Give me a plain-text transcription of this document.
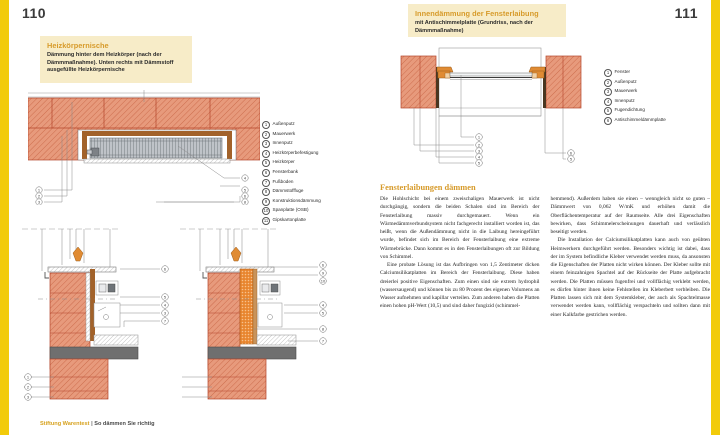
110	111
Heizkörpernische
Dämmung hinter dem Heizkörper (nach der Dämmmaßnahme). Unten rechts mit Dämmstoff ausgefüllte Heizkörpernische
1
2
3
4
5
6
8
1	Außenputz
2	Mauerwerk
3	Innenputz
4	Heizkörperbefestigung
5	Heizkörper
6	Fensterbank
7	Fußboden
8	Dämmstofffuge
9	Konstruktionsdämmung
10 Spanplatte (OSB)
11 Gipskartonplatte
6
5
4
3
7
1
2
3
6
9
10
4
5
8
7
Innendämmung der Fensterlaibung
mit Antischimmelplatte (Grundriss, nach der Dämmmaßnahme)
1
2
3
4
5
6
5
1	Fenster
2	Außenputz
3	Mauerwerk
4	Innenputz
5	Fugendichtung
6	Antischimmeldämmplatte
Fensterlaibungen dämmen

Die Hohlschicht bei einem zweischaligen Mauerwerk ist nicht durchgängig, sondern die beiden Schalen sind im Bereich der Fensterlaibung massiv durchgemauert. Wenn ein Wärmedämmverbundsystem nicht fachgerecht installiert worden ist, das heißt, wenn die Außendämmung nicht in die Laibung hereingeführt wurde, befindet sich im Bereich der Fensterlaibung eine extreme Wärmebrücke. Dann kommt es in den Fensterlaibungen oft zur Bildung von Schimmel.

Eine probate Lösung ist das Aufbringen von 1,5 Zentimeter dicken Calciumsilikatplatten im Bereich der Fensterlaibung. Diese haben dreierlei positive Eigenschaften. Zum einen sind sie extrem hydrophil (wassersaugend) und können bis zu 80 Prozent des eigenen Volumens an Wasser aufnehmen und kapillar verteilen. Zum anderen haben die Platten einen hohen pH-Wert (10,5) und sind daher fungizid (schimmel-

hemmend). Außerdem haben sie einen – wenngleich nicht so guten – Dämmwert von 0,062 W/mK und erhöhen damit die Oberflächentemperatur auf der Raumseite. Alle drei Eigenschaften bewirken, dass Schimmelerscheinungen dauerhaft und verlässlich beseitigt werden.

Die Installation der Calciumsilikatplatten kann auch von geübten Heimwerkern durchgeführt werden. Besonders wichtig ist dabei, dass der im System befindliche Kleber verwendet werden muss, da ansonsten die Eigenschaften der Platten nicht wirken können. Der Kleber sollte mit einem feinzahnigen Spachtel auf der Rückseite der Platte aufgebracht werden. Die Platten müssen fugenfrei und vollflächig verklebt werden, es dürfen hinter ihnen keine Fehlstellen im Kleberbett verbleiben. Die Platten lassen sich mit dem Systemkleber, der auch als Spachtelmasse verwendet werden kann, vollflächig verspachteln und sollten dann mit einer Kalkfarbe gestrichen werden.

Stiftung Warentest | So dämmen Sie richtig
